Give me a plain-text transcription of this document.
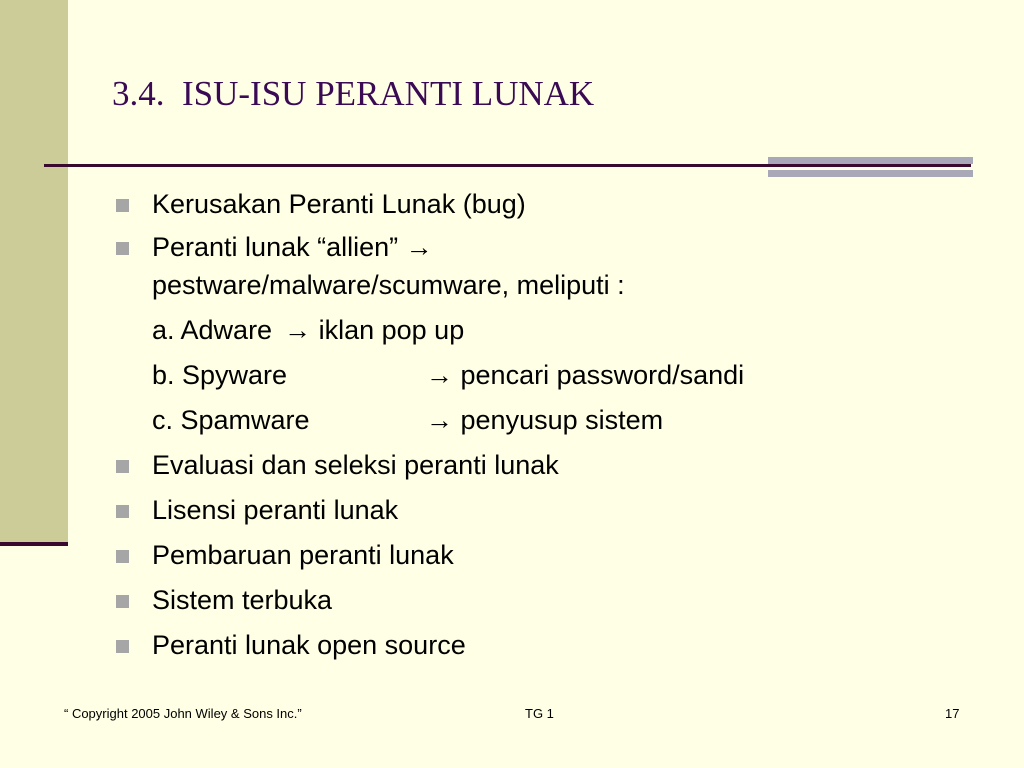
3.4.  ISU-ISU PERANTI LUNAK
Kerusakan Peranti Lunak (bug)
Peranti lunak “allien” →
pestware/malware/scumware, meliputi :
a. Adware → iklan pop up
b. Spyware	→ pencari password/sandi
c. Spamware	→ penyusup sistem
Evaluasi dan seleksi peranti lunak
Lisensi peranti lunak
Pembaruan peranti lunak
Sistem terbuka
Peranti lunak open source
“ Copyright 2005 John Wiley & Sons Inc.”	TG 1	17
